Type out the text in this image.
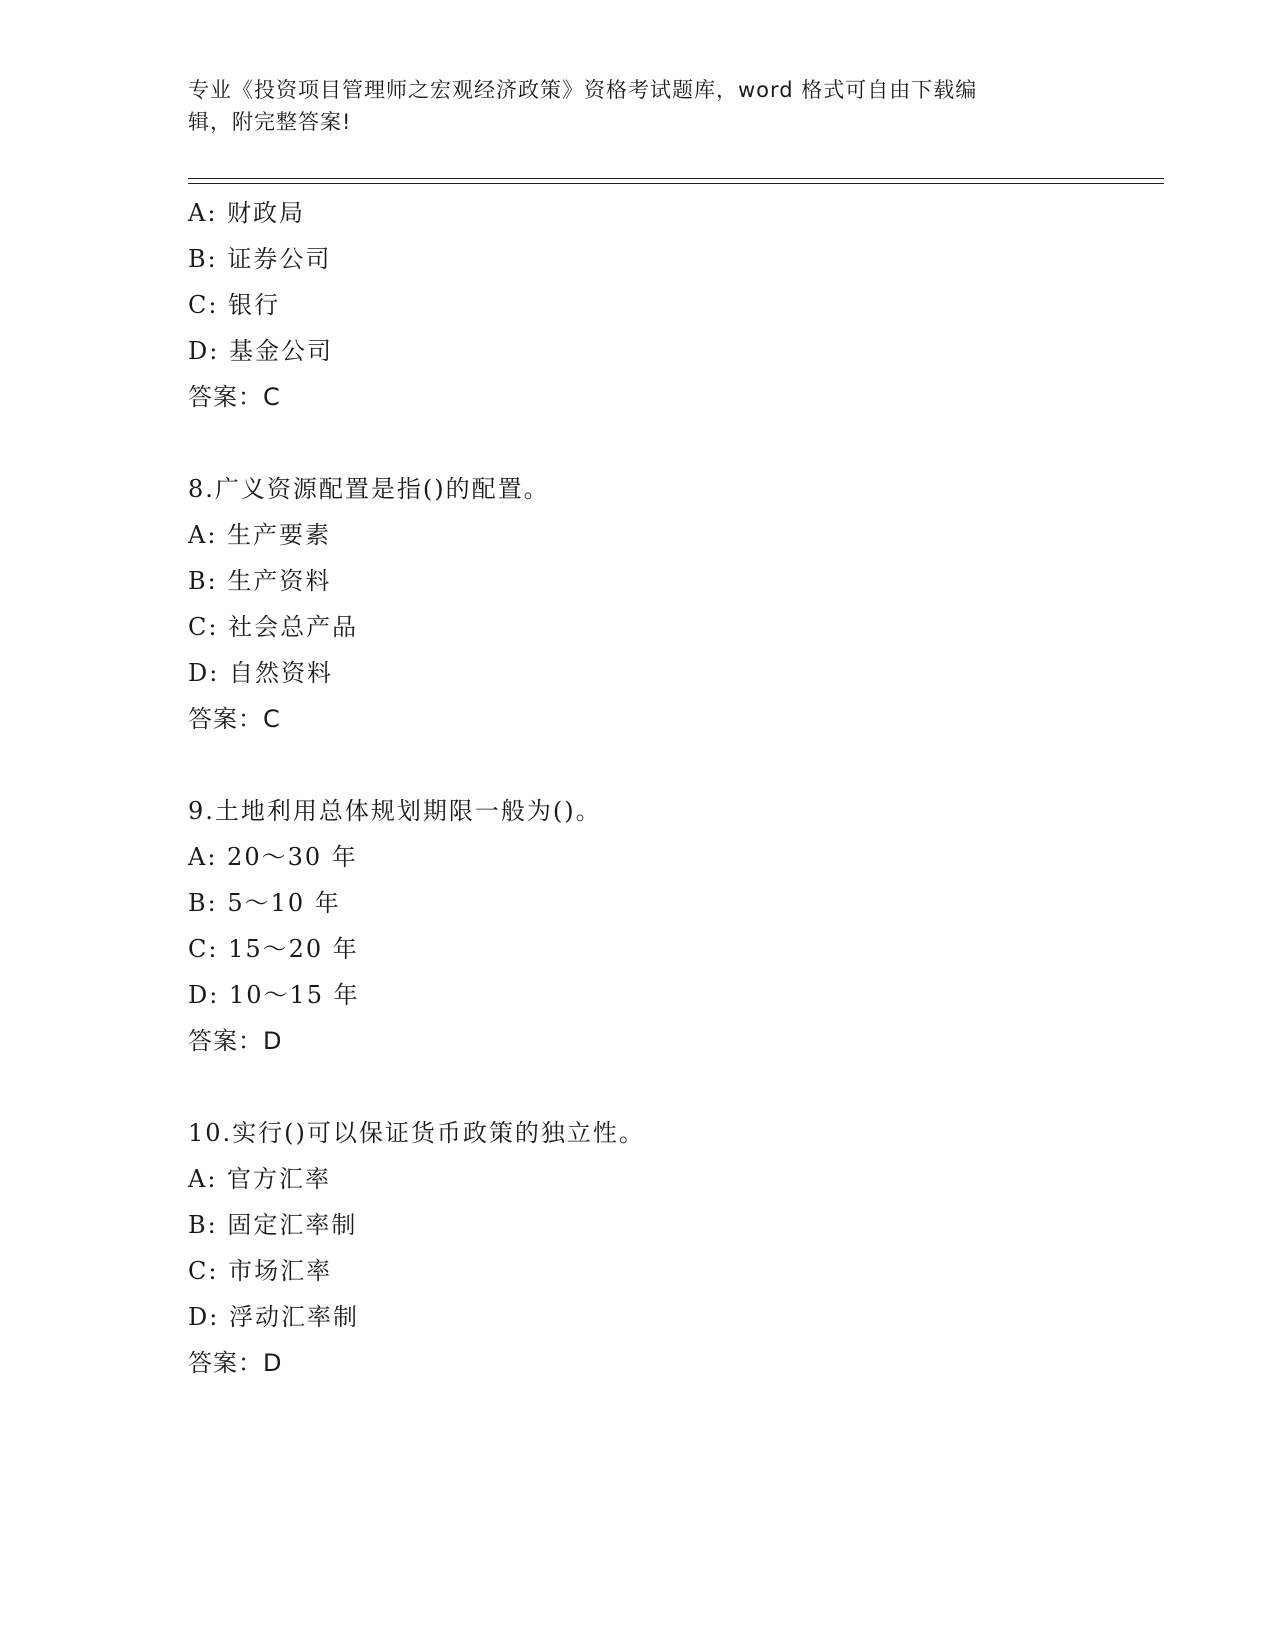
专业《投资项目管理师之宏观经济政策》资格考试题库，word 格式可自由下载编
辑，附完整答案!
A: 财政局
B: 证券公司
C: 银行
D: 基金公司
答案：C
8.广义资源配置是指()的配置。
A: 生产要素
B: 生产资料
C: 社会总产品
D: 自然资料
答案：C
9.土地利用总体规划期限一般为()。
A: 20～30 年
B: 5～10 年
C: 15～20 年
D: 10～15 年
答案：D
10.实行()可以保证货币政策的独立性。
A: 官方汇率
B: 固定汇率制
C: 市场汇率
D: 浮动汇率制
答案：D
